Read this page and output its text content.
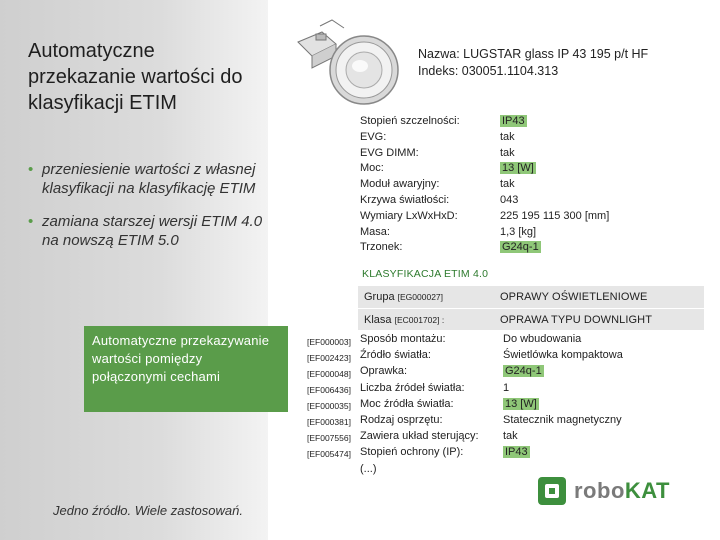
Automatyczne przekazanie wartości do klasyfikacji ETIM
• przeniesienie wartości z własnej klasyfikacji na klasyfikację ETIM
• zamiana starszej wersji ETIM 4.0 na nowszą ETIM 5.0
Jedno źródło. Wiele zastosowań.
Automatyczne przekazywanie wartości pomiędzy połączonymi cechami
Nazwa: LUGSTAR glass IP 43 195 p/t HF
Indeks: 030051.1104.313
Stopień szczelności:
EVG:
EVG DIMM:
Moc:
Moduł awaryjny:
Krzywa światłości:
Wymiary LxWxHxD:
Masa:
Trzonek:
IP43
tak
tak
13 [W]
tak
043
225 195 115 300 [mm]
1,3 [kg]
G24q-1
KLASYFIKACJA ETIM 4.0
Grupa [EG000027]	OPRAWY OŚWIETLENIOWE
Klasa [EC001702] :	OPRAWA TYPU DOWNLIGHT
[EF000003]
[EF002423]
[EF000048]
[EF006436]
[EF000035]
[EF000381]
[EF007556]
[EF005474]
Sposób montażu:
Źródło światła:
Oprawka:
Liczba źródeł światła:
Moc źródła światła:
Rodzaj osprzętu:
Zawiera układ sterujący:
Stopień ochrony (IP):
(...)
Do wbudowania
Świetlówka kompaktowa
G24q-1
1
13 [W]
Statecznik magnetyczny
tak
IP43
roboKAT
